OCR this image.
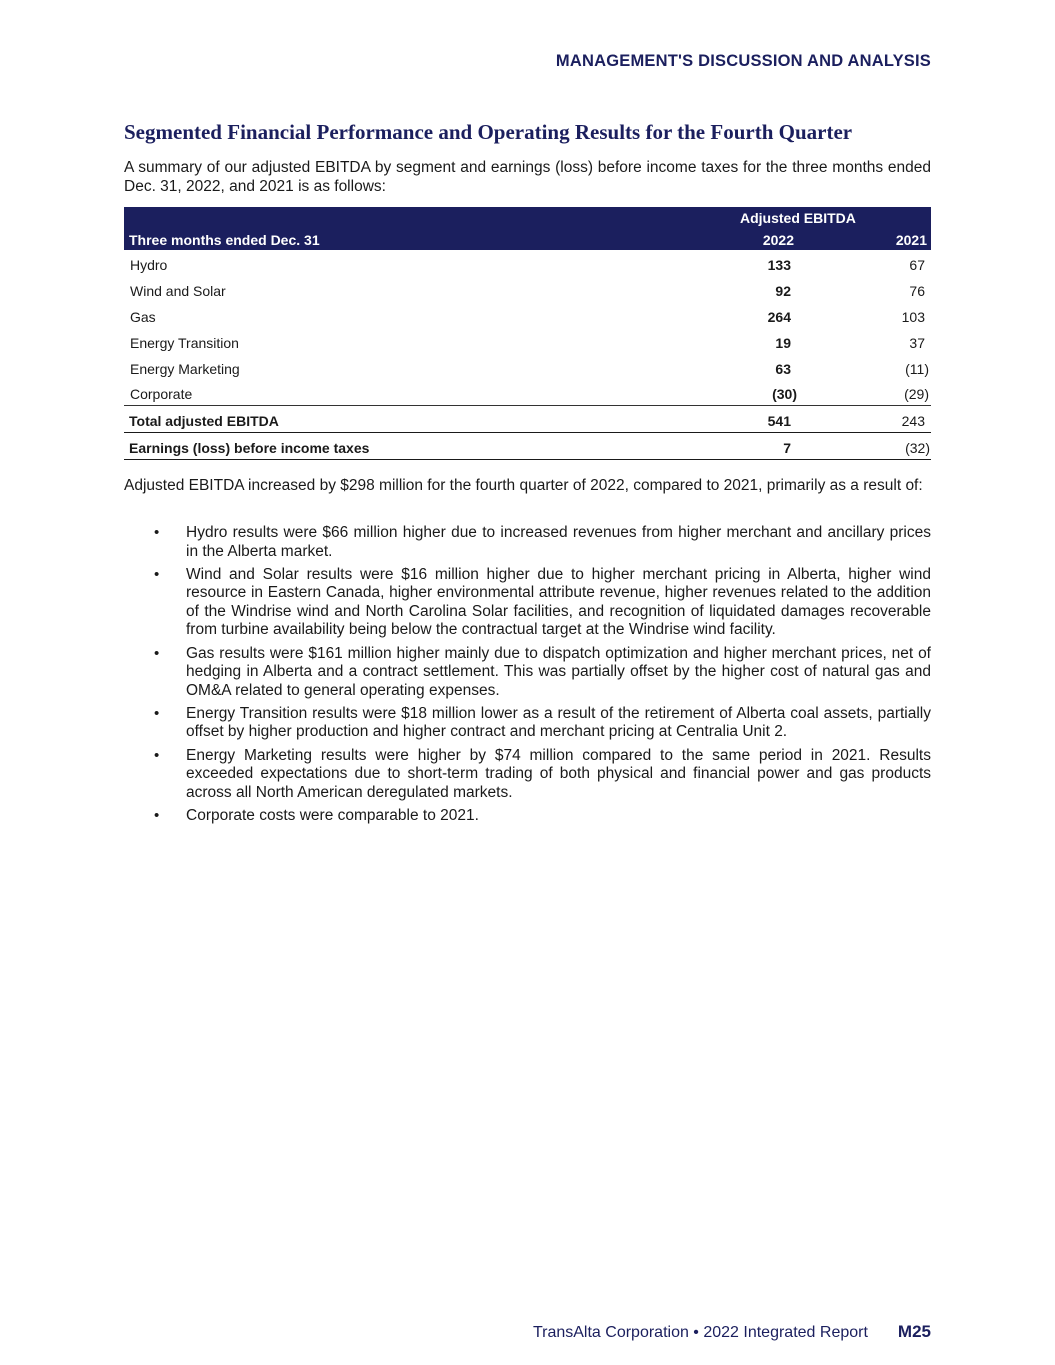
MANAGEMENT'S DISCUSSION AND ANALYSIS
Segmented Financial Performance and Operating Results for the Fourth Quarter
A summary of our adjusted EBITDA by segment and earnings (loss) before income taxes for the three months ended Dec. 31, 2022, and 2021 is as follows:
Adjusted EBITDA
Three months ended Dec. 31	2022	2021
Hydro	133	67
Wind and Solar	92	76
Gas	264	103
Energy Transition	19	37
Energy Marketing	63	(11)
Corporate	(30)	(29)
Total adjusted EBITDA	541	243
Earnings (loss) before income taxes	7	(32)
Adjusted EBITDA increased by $298 million for the fourth quarter of 2022, compared to 2021, primarily as a result of:
• Hydro results were $66 million higher due to increased revenues from higher merchant and ancillary prices in the Alberta market.
• Wind and Solar results were $16 million higher due to higher merchant pricing in Alberta, higher wind resource in Eastern Canada, higher environmental attribute revenue, higher revenues related to the addition of the Windrise wind and North Carolina Solar facilities, and recognition of liquidated damages recoverable from turbine availability being below the contractual target at the Windrise wind facility.
• Gas results were $161 million higher mainly due to dispatch optimization and higher merchant prices, net of hedging in Alberta and a contract settlement. This was partially offset by the higher cost of natural gas and OM&A related to general operating expenses.
• Energy Transition results were $18 million lower as a result of the retirement of Alberta coal assets, partially offset by higher production and higher contract and merchant pricing at Centralia Unit 2.
• Energy Marketing results were higher by $74 million compared to the same period in 2021. Results exceeded expectations due to short-term trading of both physical and financial power and gas products across all North American deregulated markets.
• Corporate costs were comparable to 2021.
TransAlta Corporation • 2022 Integrated Report M25
